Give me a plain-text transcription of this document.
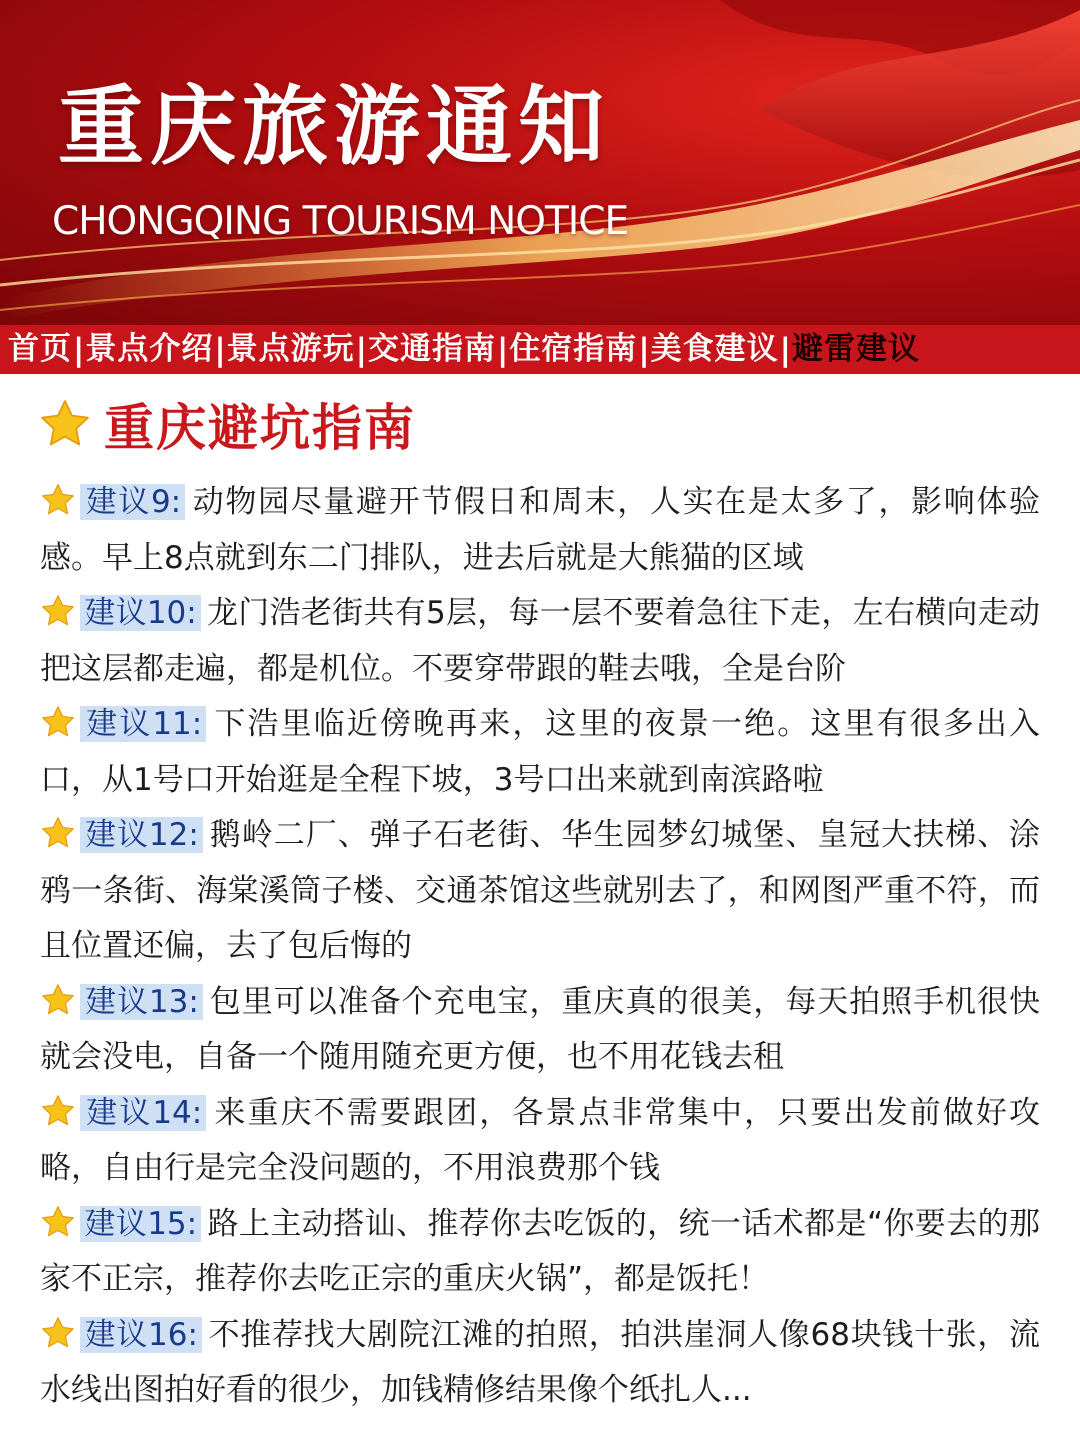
重庆旅游通知
CHONGQING TOURISM NOTICE
首页 | 景点介绍 | 景点游玩 | 交通指南 | 住宿指南 | 美食建议 | 避雷建议
重庆避坑指南
建议9: 动物园尽量避开节假日和周末，人实在是太多了，影响体验感。早上8点就到东二门排队，进去后就是大熊猫的区域
建议10: 龙门浩老街共有5层，每一层不要着急往下走，左右横向走动把这层都走遍，都是机位。不要穿带跟的鞋去哦，全是台阶
建议11: 下浩里临近傍晚再来，这里的夜景一绝。这里有很多出入口，从1号口开始逛是全程下坡，3号口出来就到南滨路啦
建议12: 鹅岭二厂、弹子石老街、华生园梦幻城堡、皇冠大扶梯、涂鸦一条街、海棠溪筒子楼、交通茶馆这些就别去了，和网图严重不符，而且位置还偏，去了包后悔的
建议13: 包里可以准备个充电宝，重庆真的很美，每天拍照手机很快就会没电，自备一个随用随充更方便，也不用花钱去租
建议14: 来重庆不需要跟团，各景点非常集中，只要出发前做好攻略，自由行是完全没问题的，不用浪费那个钱
建议15: 路上主动搭讪、推荐你去吃饭的，统一话术都是“你要去的那家不正宗，推荐你去吃正宗的重庆火锅”，都是饭托！
建议16: 不推荐找大剧院江滩的拍照，拍洪崖洞人像68块钱十张，流水线出图拍好看的很少，加钱精修结果像个纸扎人...
